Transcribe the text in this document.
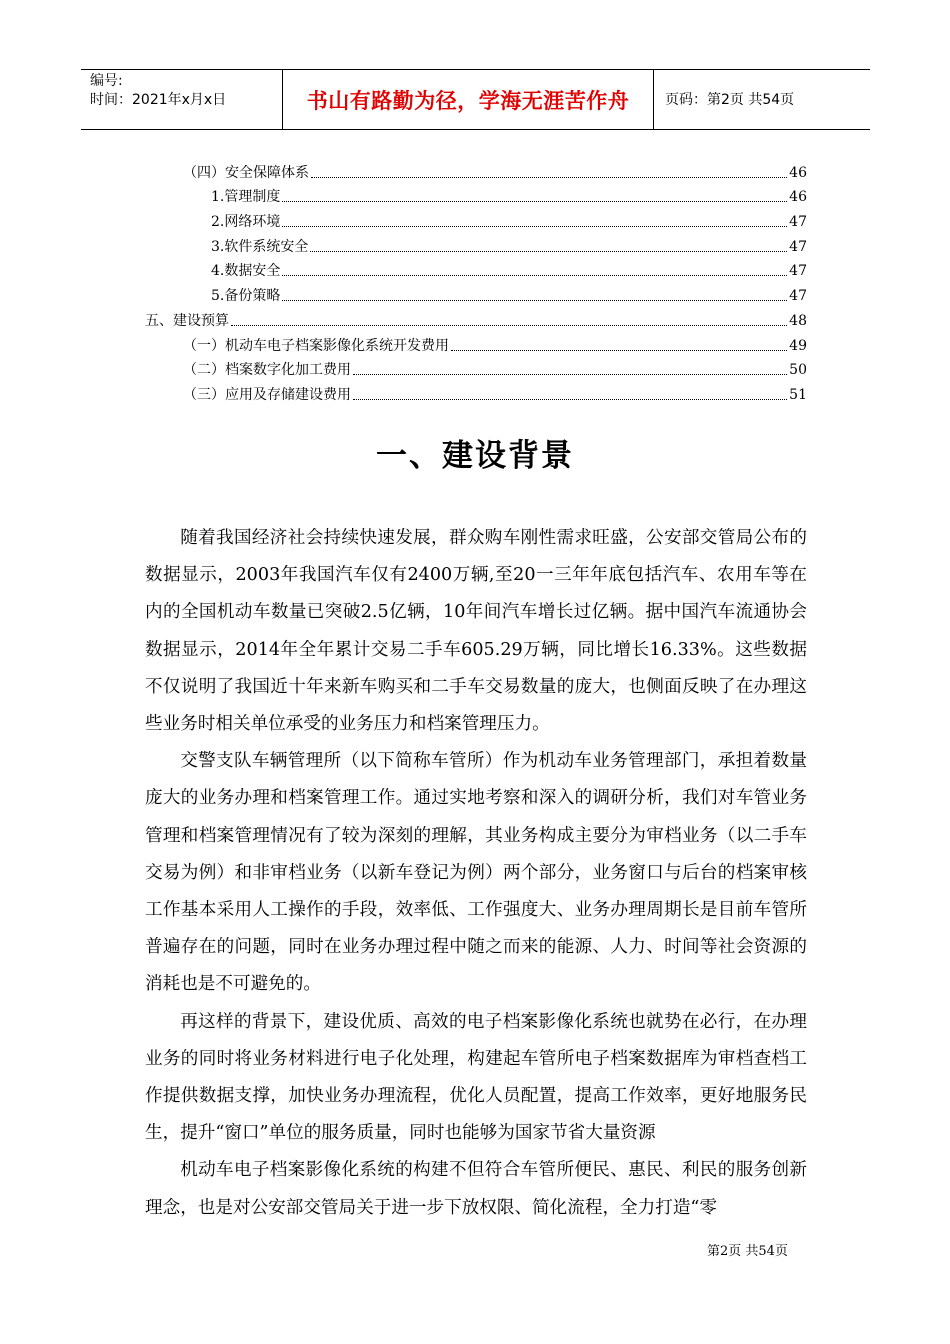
编号:
时间：2021年x月x日	书山有路勤为径，学海无涯苦作舟	页码：第2页 共54页
（四）安全保障体系	46
1.管理制度	46
2.网络环境	47
3.软件系统安全	47
4.数据安全	47
5.备份策略	47
五、建设预算	48
（一）机动车电子档案影像化系统开发费用	49
（二）档案数字化加工费用	50
（三）应用及存储建设费用	51
一、建设背景

随着我国经济社会持续快速发展，群众购车刚性需求旺盛，公安部交管局公布的数据显示，2003年我国汽车仅有2400万辆,至20一三年年底包括汽车、农用车等在内的全国机动车数量已突破2.5亿辆，10年间汽车增长过亿辆。据中国汽车流通协会数据显示，2014年全年累计交易二手车605.29万辆，同比增长16.33%。这些数据不仅说明了我国近十年来新车购买和二手车交易数量的庞大，也侧面反映了在办理这些业务时相关单位承受的业务压力和档案管理压力。

交警支队车辆管理所（以下简称车管所）作为机动车业务管理部门，承担着数量庞大的业务办理和档案管理工作。通过实地考察和深入的调研分析，我们对车管业务管理和档案管理情况有了较为深刻的理解，其业务构成主要分为审档业务（以二手车交易为例）和非审档业务（以新车登记为例）两个部分，业务窗口与后台的档案审核工作基本采用人工操作的手段，效率低、工作强度大、业务办理周期长是目前车管所普遍存在的问题，同时在业务办理过程中随之而来的能源、人力、时间等社会资源的消耗也是不可避免的。

再这样的背景下，建设优质、高效的电子档案影像化系统也就势在必行，在办理业务的同时将业务材料进行电子化处理，构建起车管所电子档案数据库为审档查档工作提供数据支撑，加快业务办理流程，优化人员配置，提高工作效率，更好地服务民生，提升“窗口”单位的服务质量，同时也能够为国家节省大量资源

机动车电子档案影像化系统的构建不但符合车管所便民、惠民、利民的服务创新理念，也是对公安部交管局关于进一步下放权限、简化流程，全力打造“零

第2页 共54页
